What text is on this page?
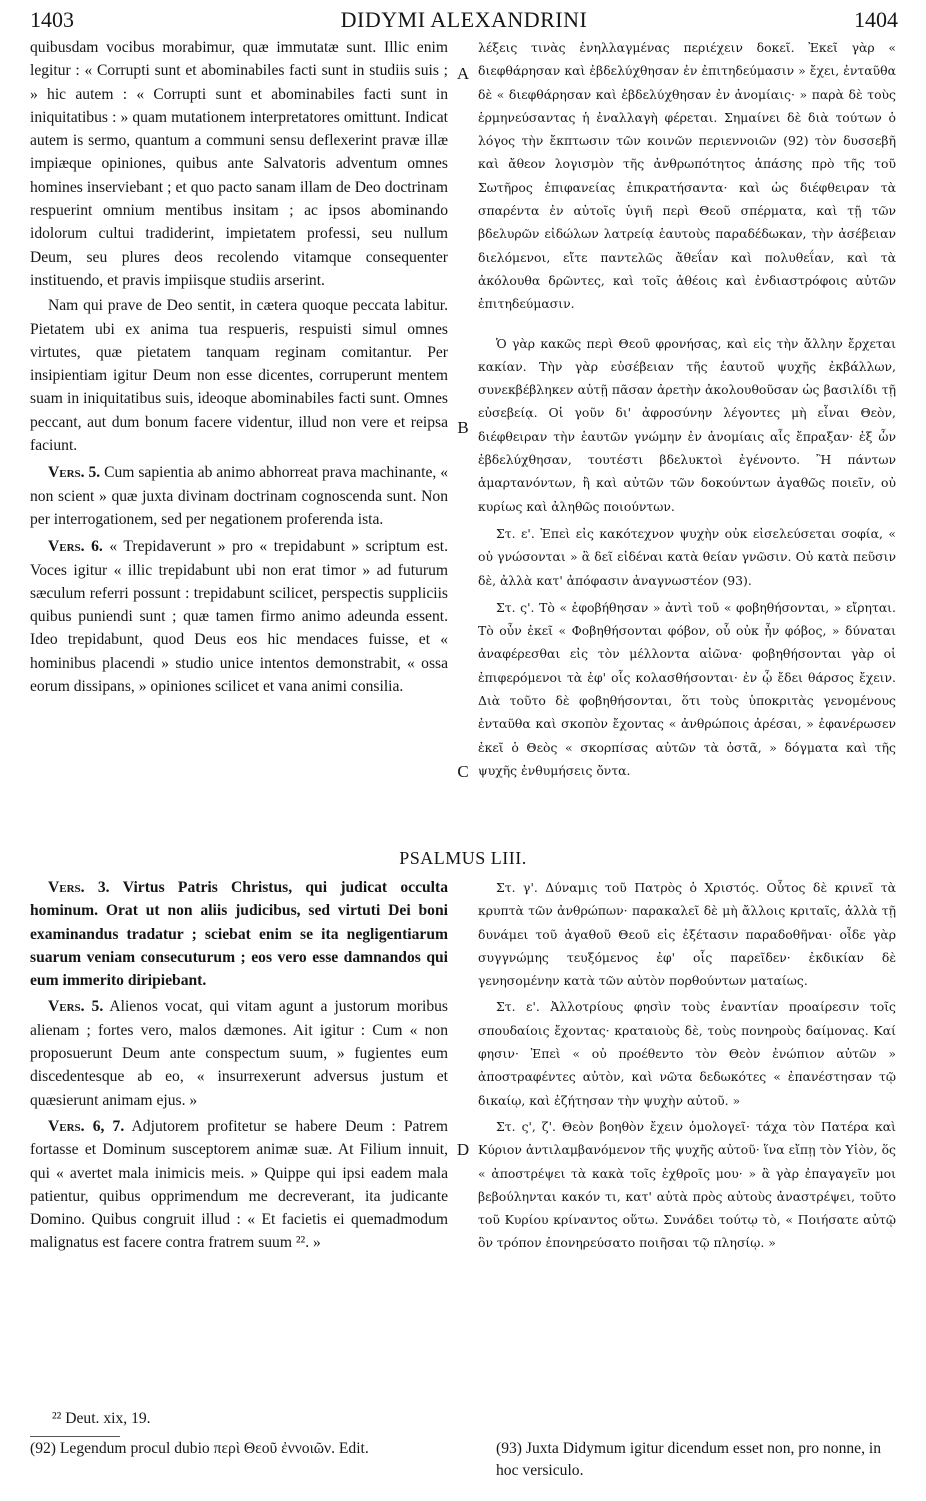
1403	DIDYMI ALEXANDRINI	1404

quibusdam vocibus morabimur, quæ immutatæ sunt. Illic enim legitur : « Corrupti sunt et abominabiles facti sunt in studiis suis ; » hic autem : « Corrupti sunt et abominabiles facti sunt in iniquitatibus : » quam mutationem interpretatores omittunt. Indicat autem is sermo, quantum a communi sensu deflexerint pravæ illæ impiæque opiniones, quibus ante Salvatoris adventum omnes homines inserviebant ; et quo pacto sanam illam de Deo doctrinam respuerint omnium mentibus insitam ; ac ipsos abominando idolorum cultui tradiderint, impietatem professi, seu nullum Deum, seu plures deos recolendo vitamque consequenter instituendo, et pravis impiisque studiis arserint.

Nam qui prave de Deo sentit, in cætera quoque peccata labitur. Pietatem ubi ex anima tua respueris, respuisti simul omnes virtutes, quæ pietatem tanquam reginam comitantur. Per insipientiam igitur Deum non esse dicentes, corruperunt mentem suam in iniquitatibus suis, ideoque abominabiles facti sunt. Omnes peccant, aut dum bonum facere videntur, illud non vere et reipsa faciunt.

Vers. 5. Cum sapientia ab animo abhorreat prava machinante, « non scient » quæ juxta divinam doctrinam cognoscenda sunt. Non per interrogationem, sed per negationem proferenda ista.

Vers. 6. « Trepidaverunt » pro « trepidabunt » scriptum est. Voces igitur « illic trepidabunt ubi non erat timor » ad futurum sæculum referri possunt : trepidabunt scilicet, perspectis suppliciis quibus puniendi sunt ; quæ tamen firmo animo adeunda essent. Ideo trepidabunt, quod Deus eos hic mendaces fuisse, et « hominibus placendi » studio unice intentos demonstrabit, « ossa eorum dissipans, » opiniones scilicet et vana animi consilia.

λέξεις τινὰς ἐνηλλαγμένας περιέχειν δοκεῖ. Ἐκεῖ γὰρ « διεφθάρησαν καὶ ἐβδελύχθησαν ἐν ἐπιτηδεύμασιν » ἔχει, ἐνταῦθα δὲ « διεφθάρησαν καὶ ἐβδελύχθησαν ἐν ἀνομίαις· » παρὰ δὲ τοὺς ἑρμηνεύσαντας ἡ ἐναλλαγὴ φέρεται. Σημαίνει δὲ διὰ τούτων ὁ λόγος τὴν ἔκπτωσιν τῶν κοινῶν περιεννοιῶν (92) τὸν δυσσεβῆ καὶ ἄθεον λογισμὸν τῆς ἀνθρωπότητος ἁπάσης πρὸ τῆς τοῦ Σωτῆρος ἐπιφανείας ἐπικρατήσαντα· καὶ ὡς διέφθειραν τὰ σπαρέντα ἐν αὐτοῖς ὑγιῆ περὶ Θεοῦ σπέρματα, καὶ τῇ τῶν βδελυρῶν εἰδώλων λατρείᾳ ἑαυτοὺς παραδέδωκαν, τὴν ἀσέβειαν διελόμενοι, εἴτε παντελῶς ἄθεΐαν καὶ πολυθεΐαν, καὶ τὰ ἀκόλουθα δρῶντες, καὶ τοῖς ἀθέοις καὶ ἐνδιαστρόφοις αὐτῶν ἐπιτηδεύμασιν.

Ὁ γὰρ κακῶς περὶ Θεοῦ φρονήσας, καὶ εἰς τὴν ἄλλην ἔρχεται κακίαν. Τὴν γὰρ εὐσέβειαν τῆς ἑαυτοῦ ψυχῆς ἐκβάλλων, συνεκβέβληκεν αὐτῇ πᾶσαν ἀρετὴν ἀκολουθοῦσαν ὡς βασιλίδι τῇ εὐσεβείᾳ. Οἱ γοῦν δι' ἀφροσύνην λέγοντες μὴ εἶναι Θεὸν, διέφθειραν τὴν ἑαυτῶν γνώμην ἐν ἀνομίαις αἷς ἔπραξαν· ἐξ ὧν ἐβδελύχθησαν, τουτέστι βδελυκτοὶ ἐγένοντο. Ἢ πάντων ἁμαρτανόντων, ἢ καὶ αὐτῶν τῶν δοκούντων ἀγαθῶς ποιεῖν, οὐ κυρίως καὶ ἀληθῶς ποιούντων.

Στ. ε'. Ἐπεὶ εἰς κακότεχνον ψυχὴν οὐκ εἰσελεύσεται σοφία, « οὐ γνώσονται » ἃ δεῖ εἰδέναι κατὰ θείαν γνῶσιν. Οὐ κατὰ πεῦσιν δὲ, ἀλλὰ κατ' ἀπόφασιν ἀναγνωστέον (93).

Στ. ς'. Τὸ « ἐφοβήθησαν » ἀντὶ τοῦ « φοβηθήσονται, » εἴρηται. Τὸ οὖν ἐκεῖ « Φοβηθήσονται φόβον, οὗ οὐκ ἦν φόβος, » δύναται ἀναφέρεσθαι εἰς τὸν μέλλοντα αἰῶνα· φοβηθήσονται γὰρ οἱ ἐπιφερόμενοι τὰ ἐφ' οἷς κολασθήσονται· ἐν ᾧ ἔδει θάρσος ἔχειν. Διὰ τοῦτο δὲ φοβηθήσονται, ὅτι τοὺς ὑποκριτὰς γενομένους ἐνταῦθα καὶ σκοπὸν ἔχοντας « ἀνθρώποις ἀρέσαι, » ἐφανέρωσεν ἐκεῖ ὁ Θεὸς « σκορπίσας αὐτῶν τὰ ὀστᾶ, » δόγματα καὶ τῆς ψυχῆς ἐνθυμήσεις ὄντα.

PSALMUS LIII.

Vers. 3. Virtus Patris Christus, qui judicat occulta hominum. Orat ut non aliis judicibus, sed virtuti Dei boni examinandus tradatur ; sciebat enim se ita negligentiarum suarum veniam consecuturum ; eos vero esse damnandos qui eum immerito diripiebant.

Vers. 5. Alienos vocat, qui vitam agunt a justorum moribus alienam ; fortes vero, malos dæmones. Ait igitur : Cum « non proposuerunt Deum ante conspectum suum, » fugientes eum discedentesque ab eo, « insurrexerunt adversus justum et quæsierunt animam ejus. »

Vers. 6, 7. Adjutorem profitetur se habere Deum : Patrem fortasse et Dominum susceptorem animæ suæ. At Filium innuit, qui « avertet mala inimicis meis. » Quippe qui ipsi eadem mala patientur, quibus opprimendum me decreverant, ita judicante Domino. Quibus congruit illud : « Et facietis ei quemadmodum malignatus est facere contra fratrem suum ²². »

Στ. γ'. Δύναμις τοῦ Πατρὸς ὁ Χριστός. Οὗτος δὲ κρινεῖ τὰ κρυπτὰ τῶν ἀνθρώπων· παρακαλεῖ δὲ μὴ ἄλλοις κριταῖς, ἀλλὰ τῇ δυνάμει τοῦ ἀγαθοῦ Θεοῦ εἰς ἐξέτασιν παραδοθῆναι· οἶδε γὰρ συγγνώμης τευξόμενος ἐφ' οἷς παρεῖδεν· ἐκδικίαν δὲ γενησομένην κατὰ τῶν αὐτὸν πορθούντων ματαίως.

Στ. ε'. Ἀλλοτρίους φησὶν τοὺς ἐναντίαν προαίρεσιν τοῖς σπουδαίοις ἔχοντας· κραταιοὺς δὲ, τοὺς πονηροὺς δαίμονας. Καί φησιν· Ἐπεὶ « οὐ προέθεντο τὸν Θεὸν ἐνώπιον αὐτῶν » ἀποστραφέντες αὐτὸν, καὶ νῶτα δεδωκότες « ἐπανέστησαν τῷ δικαίῳ, καὶ ἐζήτησαν τὴν ψυχὴν αὐτοῦ. »

Στ. ς', ζ'. Θεὸν βοηθὸν ἔχειν ὁμολογεῖ· τάχα τὸν Πατέρα καὶ Κύριον ἀντιλαμβανόμενον τῆς ψυχῆς αὐτοῦ· ἵνα εἴπῃ τὸν Υἱὸν, ὅς « ἀποστρέψει τὰ κακὰ τοῖς ἐχθροῖς μου· » ἃ γὰρ ἐπαγαγεῖν μοι βεβούληνται κακόν τι, κατ' αὐτὰ πρὸς αὐτοὺς ἀναστρέψει, τοῦτο τοῦ Κυρίου κρίναντος οὕτω. Συνάδει τούτῳ τὸ, « Ποιήσατε αὐτῷ ὃν τρόπον ἐπονηρεύσατο ποιῆσαι τῷ πλησίῳ. »

A
B
C
D
²² Deut. xix, 19.
(92) Legendum procul dubio περὶ Θεοῦ ἐννοιῶν. Edit.	(93) Juxta Didymum igitur dicendum esset non, pro nonne, in hoc versiculo.
